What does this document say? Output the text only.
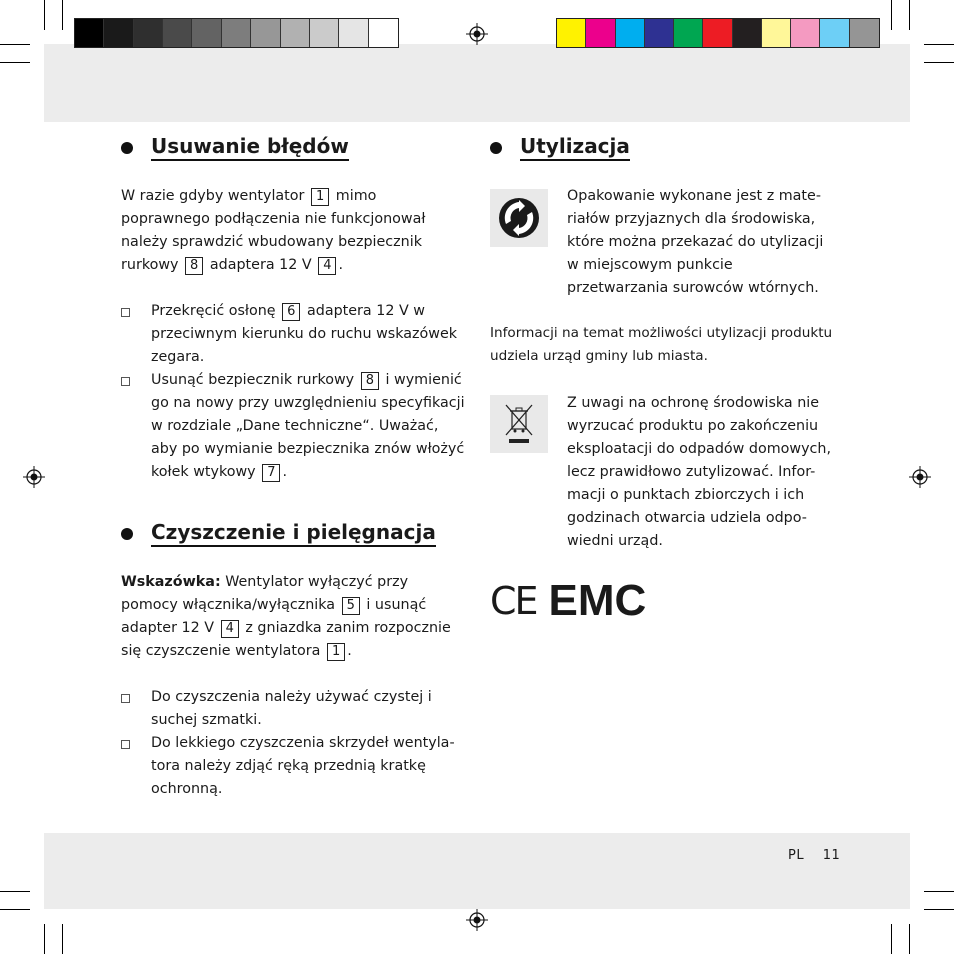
Usuwanie błędów

W razie gdyby wentylator 1 mimo poprawnego podłączenia nie funkcjonował należy sprawdzić wbudowany bezpiecznik rurkowy 8 adaptera 12 V 4 .

Przekręcić osłonę 6 adaptera 12 V w przeciwnym kierunku do ruchu wskazówek zegara.
Usunąć bezpiecznik rurkowy 8 i wymienić go na nowy przy uwzględnieniu specyfikacji w rozdziale „Dane techniczne“. Uważać, aby po wymianie bezpiecznika znów włożyć kołek wtykowy 7 .
Czyszczenie i pielęgnacja

Wskazówka: Wentylator wyłączyć przy pomocy włącznika/wyłącznika 5 i usunąć adapter 12 V 4 z gniazdka zanim rozpocznie się czyszczenie wentylatora 1 .

Do czyszczenia należy używać czystej i suchej szmatki.
Do lekkiego czyszczenia skrzydeł wentyla-tora należy zdjąć ręką przednią kratkę ochronną.
Utylizacja

Opakowanie wykonane jest z mate-riałów przyjaznych dla środowiska, które można przekazać do utylizacji w miejscowym punkcie przetwarzania surowców wtórnych.

Informacji na temat możliwości utylizacji produktu udziela urząd gminy lub miasta.

Z uwagi na ochronę środowiska nie wyrzucać produktu po zakończeniu eksploatacji do odpadów domowych, lecz prawidłowo zutylizować. Infor-macji o punktach zbiorczych i ich godzinach otwarcia udziela odpo-wiedni urząd.

CE EMC
PL 11
